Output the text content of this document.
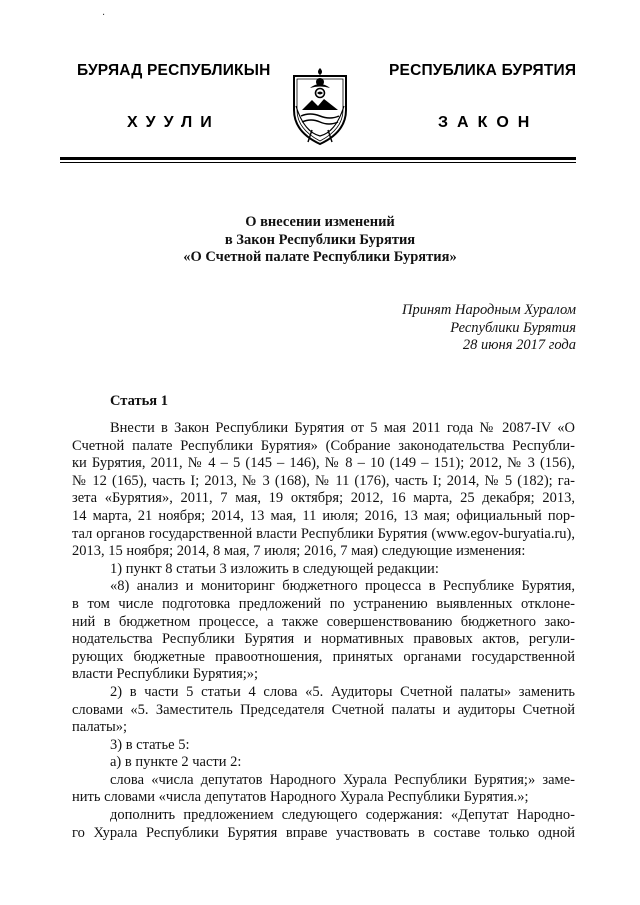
·
БУРЯАД РЕСПУБЛИКЫН
ХУУЛИ
РЕСПУБЛИКА БУРЯТИЯ
ЗАКОН
О внесении изменений
в Закон Республики Бурятия
«О Счетной палате Республики Бурятия»
Принят Народным Хуралом
Республики Бурятия
28 июня 2017 года
Статья 1
Внести в Закон Республики Бурятия от 5 мая 2011 года № 2087-IV «О
Счетной палате Республики Бурятия» (Собрание законодательства Республи-
ки Бурятия, 2011, № 4 – 5 (145 – 146), № 8 – 10 (149 – 151); 2012, № 3 (156),
№ 12 (165), часть I; 2013, № 3 (168), № 11 (176), часть I; 2014, № 5 (182); га-
зета «Бурятия», 2011, 7 мая, 19 октября; 2012, 16 марта, 25 декабря; 2013,
14 марта, 21 ноября; 2014, 13 мая, 11 июля; 2016, 13 мая; официальный пор-
тал органов государственной власти Республики Бурятия (www.egov-buryatia.ru),
2013, 15 ноября; 2014, 8 мая, 7 июля; 2016, 7 мая) следующие изменения:
1) пункт 8 статьи 3 изложить в следующей редакции:
«8) анализ и мониторинг бюджетного процесса в Республике Бурятия,
в том числе подготовка предложений по устранению выявленных отклоне-
ний в бюджетном процессе, а также совершенствованию бюджетного зако-
нодательства Республики Бурятия и нормативных правовых актов, регули-
рующих бюджетные правоотношения, принятых органами государственной
власти Республики Бурятия;»;
2) в части 5 статьи 4 слова «5. Аудиторы Счетной палаты» заменить
словами «5. Заместитель Председателя Счетной палаты и аудиторы Счетной
палаты»;
3) в статье 5:
а) в пункте 2 части 2:
слова «числа депутатов Народного Хурала Республики Бурятия;» заме-
нить словами «числа депутатов Народного Хурала Республики Бурятия.»;
дополнить предложением следующего содержания: «Депутат Народно-
го Хурала Республики Бурятия вправе участвовать в составе только одной
